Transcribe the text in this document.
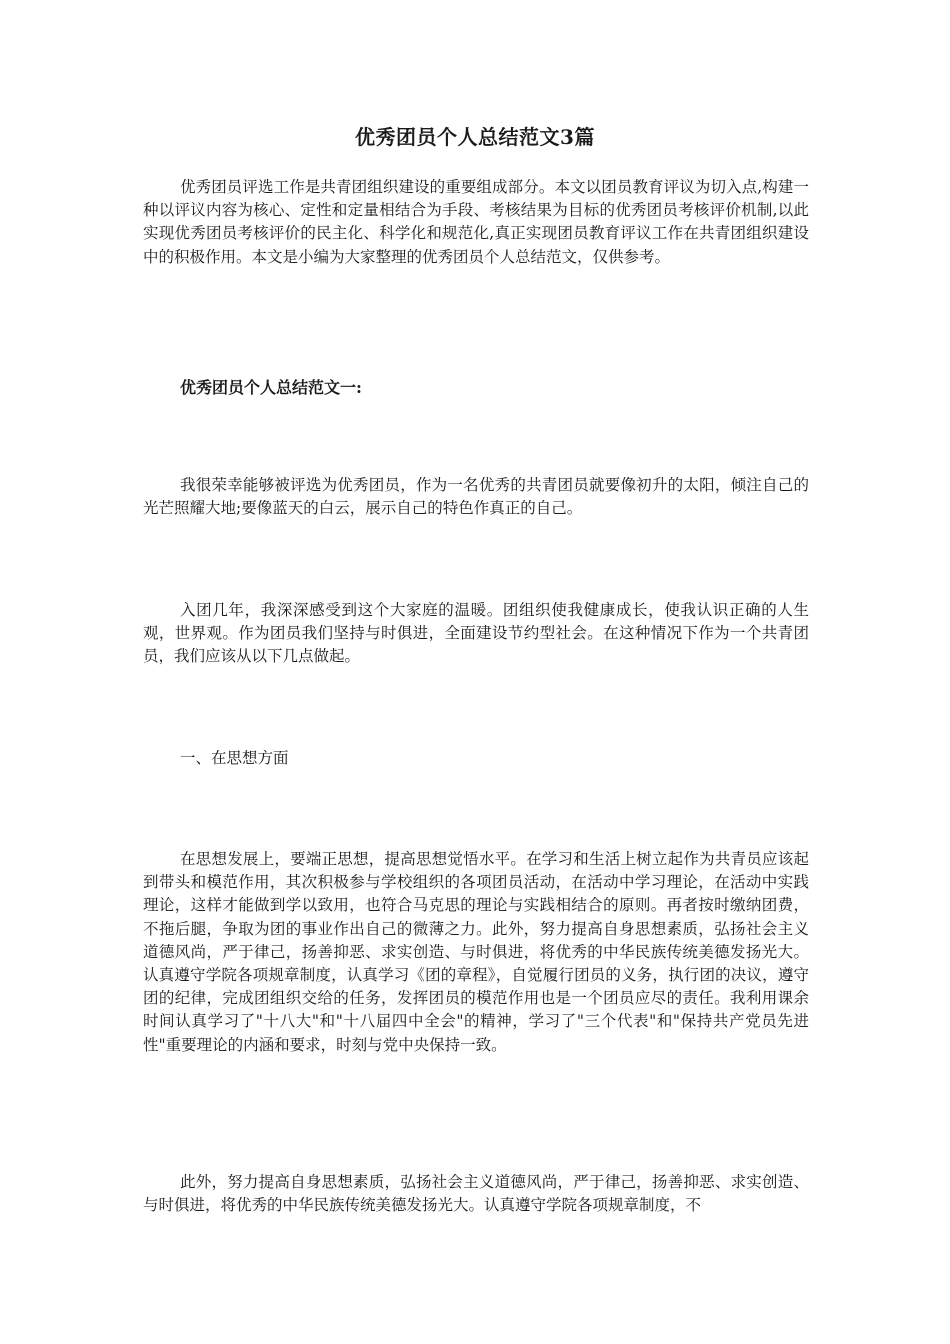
优秀团员个人总结范文3篇

优秀团员评选工作是共青团组织建设的重要组成部分。本文以团员教育评议为切入点,构建一种以评议内容为核心、定性和定量相结合为手段、考核结果为目标的优秀团员考核评价机制,以此实现优秀团员考核评价的民主化、科学化和规范化,真正实现团员教育评议工作在共青团组织建设中的积极作用。本文是小编为大家整理的优秀团员个人总结范文，仅供参考。

优秀团员个人总结范文一:

我很荣幸能够被评选为优秀团员，作为一名优秀的共青团员就要像初升的太阳，倾注自己的光芒照耀大地;要像蓝天的白云，展示自己的特色作真正的自己。

入团几年，我深深感受到这个大家庭的温暖。团组织使我健康成长，使我认识正确的人生观，世界观。作为团员我们坚持与时俱进，全面建设节约型社会。在这种情况下作为一个共青团员，我们应该从以下几点做起。

一、在思想方面

在思想发展上，要端正思想，提高思想觉悟水平。在学习和生活上树立起作为共青员应该起到带头和模范作用，其次积极参与学校组织的各项团员活动，在活动中学习理论，在活动中实践理论，这样才能做到学以致用，也符合马克思的理论与实践相结合的原则。再者按时缴纳团费，不拖后腿，争取为团的事业作出自己的微薄之力。此外，努力提高自身思想素质，弘扬社会主义道德风尚，严于律己，扬善抑恶、求实创造、与时俱进，将优秀的中华民族传统美德发扬光大。认真遵守学院各项规章制度，认真学习《团的章程》，自觉履行团员的义务，执行团的决议，遵守团的纪律，完成团组织交给的任务，发挥团员的模范作用也是一个团员应尽的责任。我利用课余时间认真学习了"十八大"和"十八届四中全会"的精神，学习了"三个代表"和"保持共产党员先进性"重要理论的内涵和要求，时刻与党中央保持一致。

此外，努力提高自身思想素质，弘扬社会主义道德风尚，严于律己，扬善抑恶、求实创造、与时俱进，将优秀的中华民族传统美德发扬光大。认真遵守学院各项规章制度，不
